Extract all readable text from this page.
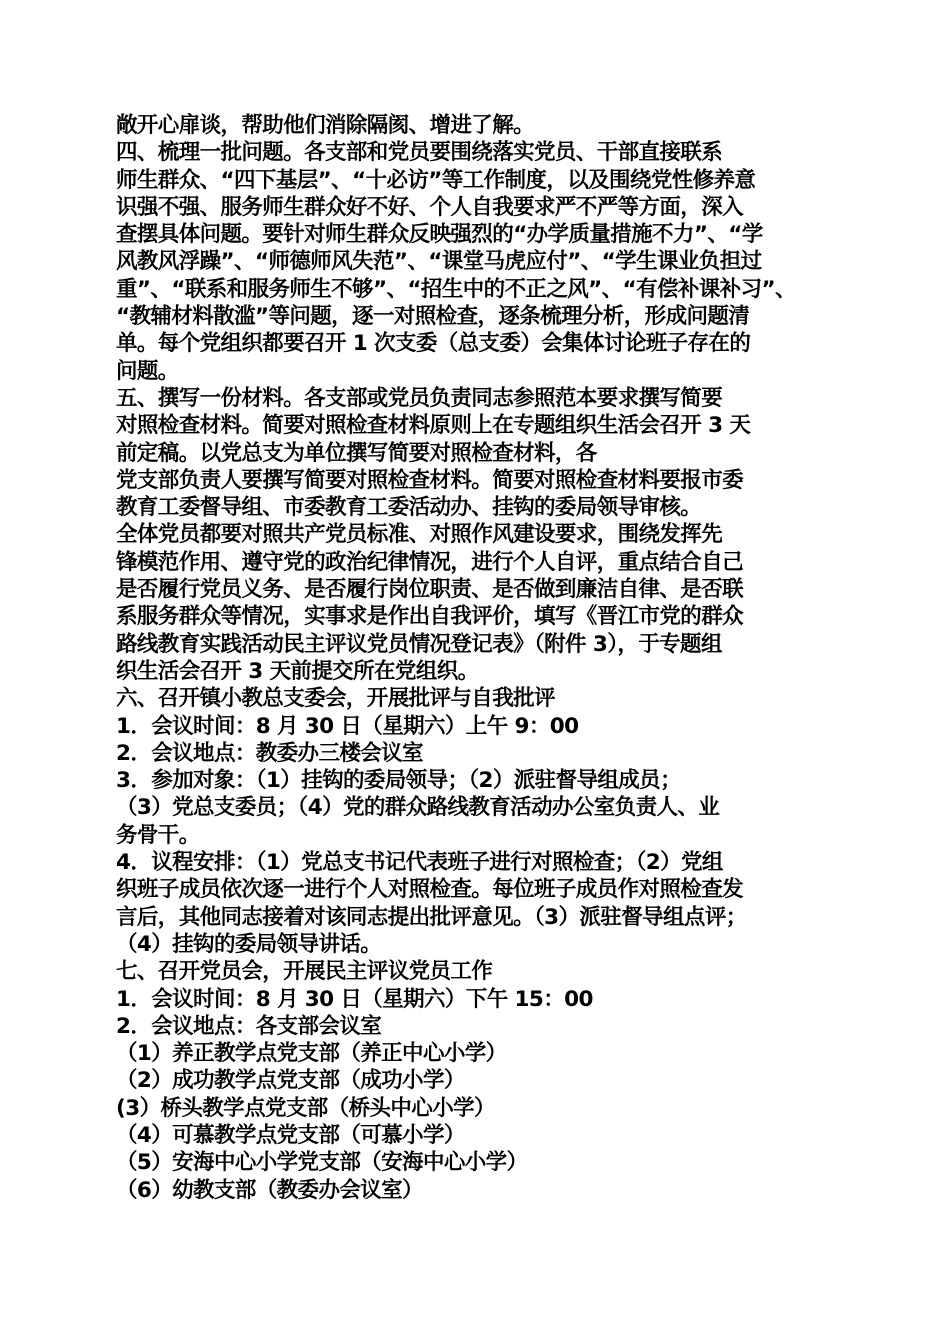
敞开心扉谈，帮助他们消除隔阂、增进了解。
四、梳理一批问题。各支部和党员要围绕落实党员、干部直接联系
师生群众、“四下基层”、“十必访”等工作制度，以及围绕党性修养意
识强不强、服务师生群众好不好、个人自我要求严不严等方面，深入
查摆具体问题。要针对师生群众反映强烈的“办学质量措施不力”、“学
风教风浮躁”、“师德师风失范”、“课堂马虎应付”、“学生课业负担过
重”、“联系和服务师生不够”、“招生中的不正之风”、“有偿补课补习”、
“教辅材料散滥”等问题，逐一对照检查，逐条梳理分析，形成问题清
单。每个党组织都要召开 1 次支委（总支委）会集体讨论班子存在的
问题。
五、撰写一份材料。各支部或党员负责同志参照范本要求撰写简要
对照检查材料。简要对照检查材料原则上在专题组织生活会召开 3 天
前定稿。以党总支为单位撰写简要对照检查材料，各
党支部负责人要撰写简要对照检查材料。简要对照检查材料要报市委
教育工委督导组、市委教育工委活动办、挂钩的委局领导审核。
全体党员都要对照共产党员标准、对照作风建设要求，围绕发挥先
锋模范作用、遵守党的政治纪律情况，进行个人自评，重点结合自己
是否履行党员义务、是否履行岗位职责、是否做到廉洁自律、是否联
系服务群众等情况，实事求是作出自我评价，填写《晋江市党的群众
路线教育实践活动民主评议党员情况登记表》（附件 3），于专题组
织生活会召开 3 天前提交所在党组织。
六、召开镇小教总支委会，开展批评与自我批评
1．会议时间：8 月 30 日（星期六）上午 9：00
2．会议地点：教委办三楼会议室
3．参加对象：（1）挂钩的委局领导；（2）派驻督导组成员；
（3）党总支委员；（4）党的群众路线教育活动办公室负责人、业
务骨干。
4．议程安排：（1）党总支书记代表班子进行对照检查；（2）党组
织班子成员依次逐一进行个人对照检查。每位班子成员作对照检查发
言后，其他同志接着对该同志提出批评意见。（3）派驻督导组点评；
（4）挂钩的委局领导讲话。
七、召开党员会，开展民主评议党员工作
1．会议时间：8 月 30 日（星期六）下午 15：00
2．会议地点：各支部会议室
（1）养正教学点党支部（养正中心小学）
（2）成功教学点党支部（成功小学）
(3）桥头教学点党支部（桥头中心小学）
（4）可慕教学点党支部（可慕小学）
（5）安海中心小学党支部（安海中心小学）
（6）幼教支部（教委办会议室）
